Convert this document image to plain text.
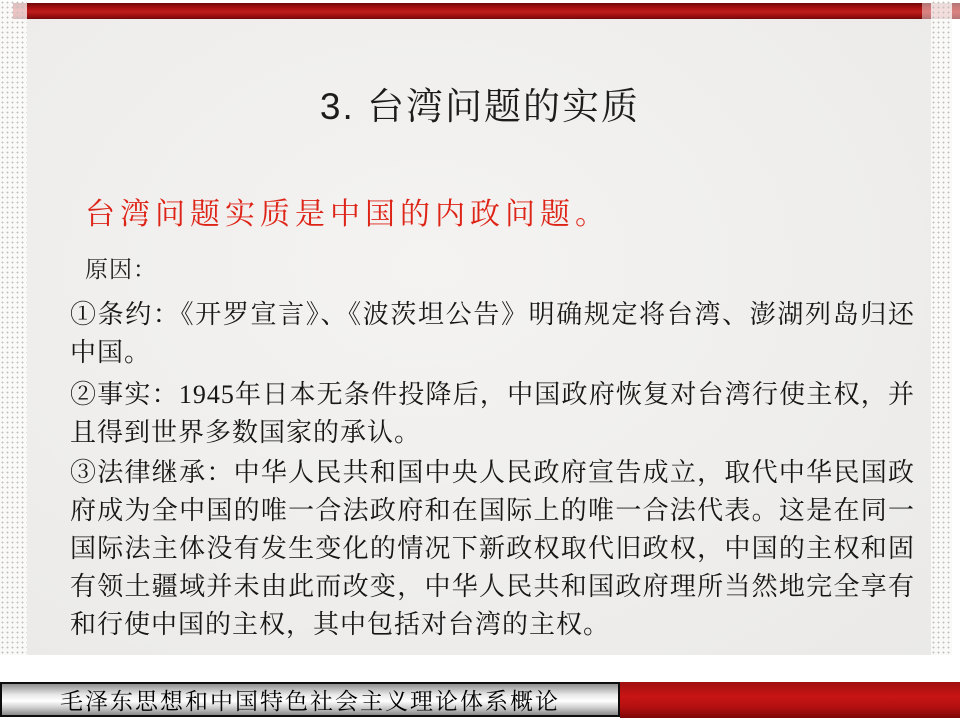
3. 台湾问题的实质
台湾问题实质是中国的内政问题。
原因：

①条约：《开罗宣言》、《波茨坦公告》明确规定将台湾、澎湖列岛归还中国。

②事实：1945年日本无条件投降后，中国政府恢复对台湾行使主权，并且得到世界多数国家的承认。

③法律继承：中华人民共和国中央人民政府宣告成立，取代中华民国政府成为全中国的唯一合法政府和在国际上的唯一合法代表。这是在同一国际法主体没有发生变化的情况下新政权取代旧政权，中国的主权和固有领土疆域并未由此而改变，中华人民共和国政府理所当然地完全享有和行使中国的主权，其中包括对台湾的主权。

毛泽东思想和中国特色社会主义理论体系概论
